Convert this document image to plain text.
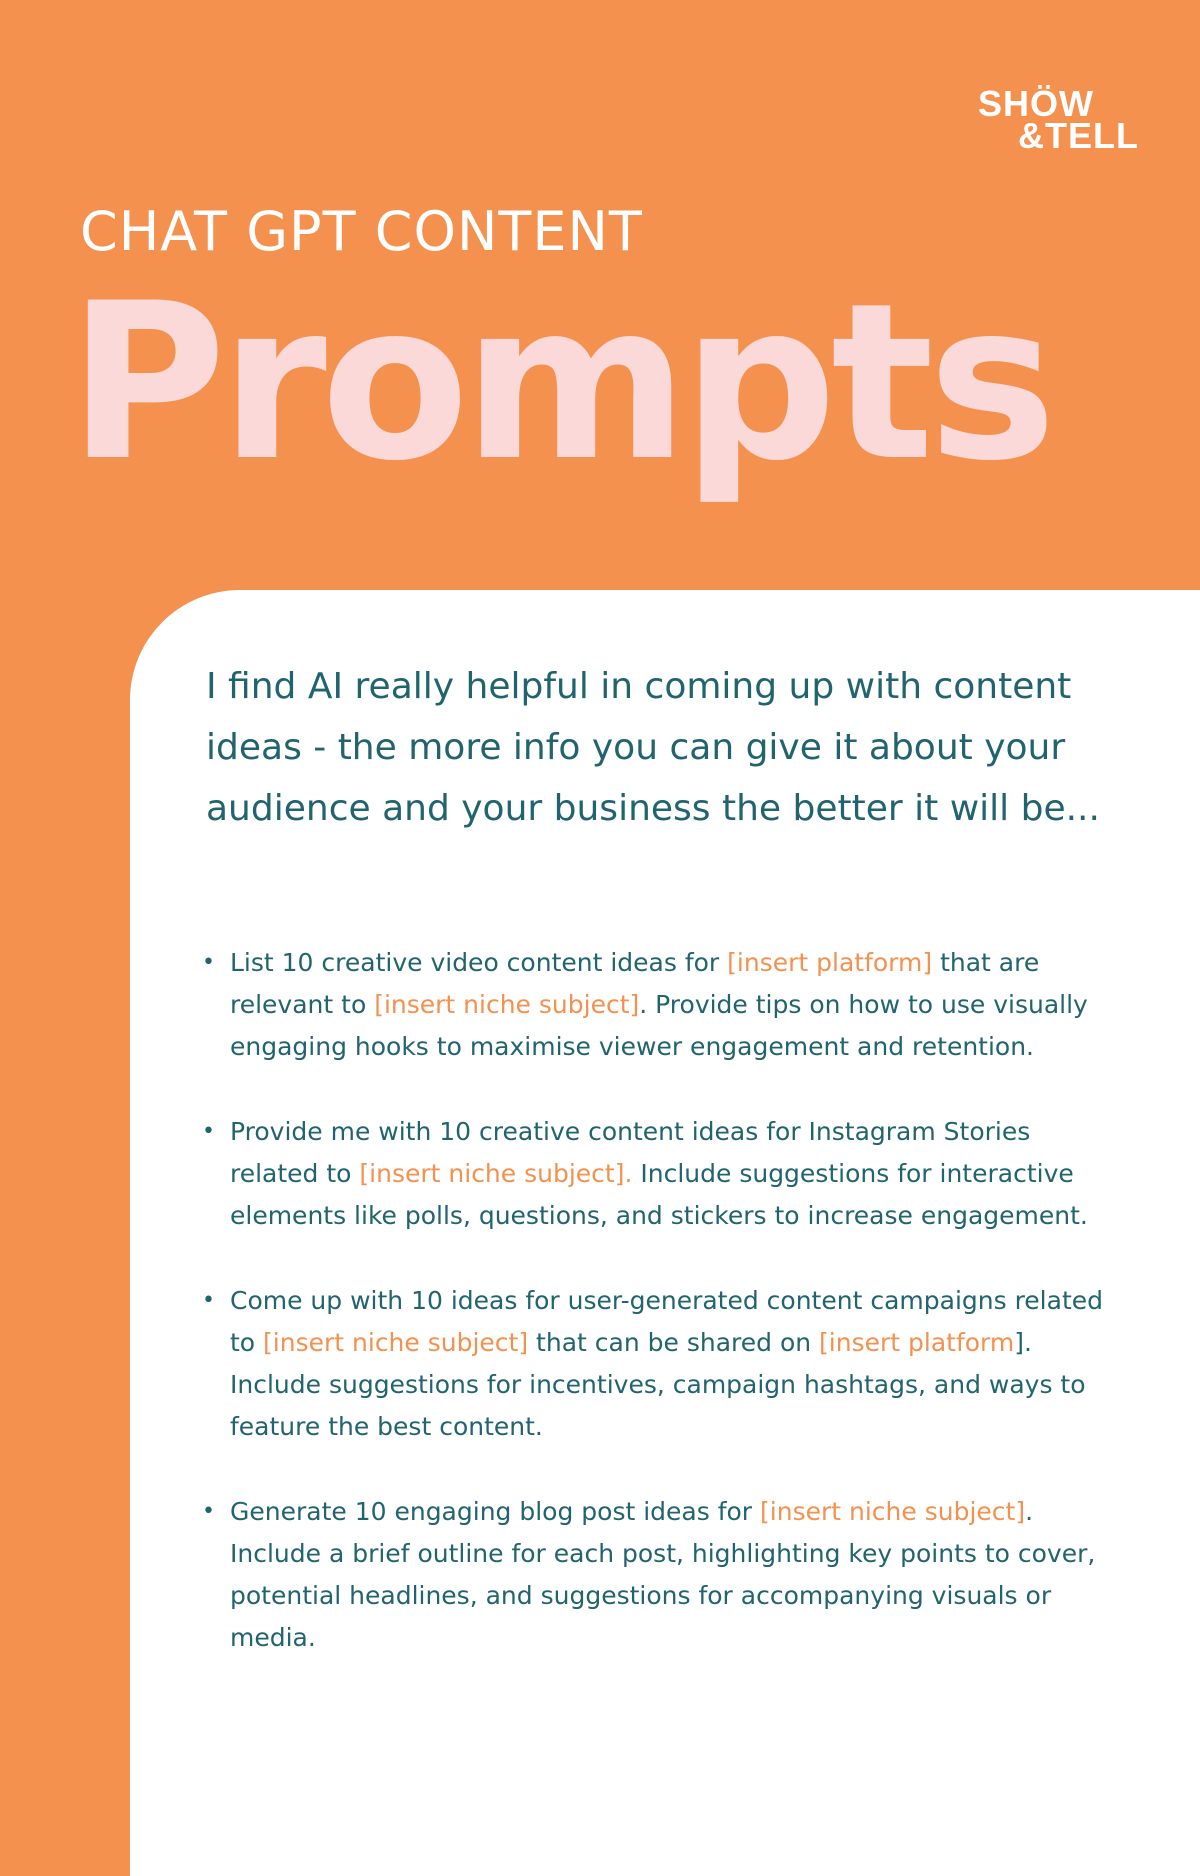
SHÖW
&TELL
CHAT GPT CONTENT
Prompts

I find AI really helpful in coming up with content ideas - the more info you can give it about your audience and your business the better it will be...

• List 10 creative video content ideas for [insert platform] that are relevant to [insert niche subject]. Provide tips on how to use visually engaging hooks to maximise viewer engagement and retention.
• Provide me with 10 creative content ideas for Instagram Stories related to [insert niche subject]. Include suggestions for interactive elements like polls, questions, and stickers to increase engagement.
• Come up with 10 ideas for user-generated content campaigns related to [insert niche subject] that can be shared on [insert platform]. Include suggestions for incentives, campaign hashtags, and ways to feature the best content.
• Generate 10 engaging blog post ideas for [insert niche subject]. Include a brief outline for each post, highlighting key points to cover, potential headlines, and suggestions for accompanying visuals or media.
